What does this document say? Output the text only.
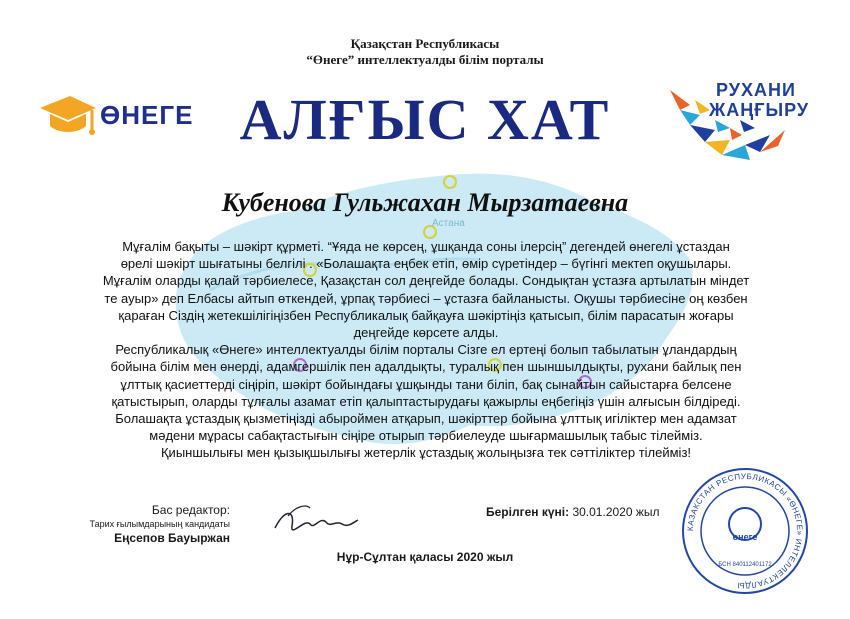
Астана
Қазақстан Республикасы
“Өнеге” интеллектуалды білім порталы
ӨНЕГЕ АЛҒЫС ХАТ	РУХАНИ
ЖАҢҒЫРУ
Кубенова Гульжахан Мырзатаевна

Мұғалім бақыты – шәкірт құрметі. “Ұяда не көрсең, ұшқанда соны ілерсің” дегендей өнегелі ұстаздан

өрелі шәкірт шығатыны белгілі . «Болашақта еңбек етіп, өмір сүретіндер – бүгінгі мектеп оқушылары.

Мұғалім оларды қалай тәрбиелесе, Қазақстан сол деңгейде болады. Сондықтан ұстазға артылатын міндет

те ауыр» деп Елбасы айтып өткендей, ұрпақ тәрбиесі – ұстазға байланысты. Оқушы тәрбиесіне оң көзбен

қараған Сіздің жетекшілігіңізбен Республикалық байқауға шәкіртіңіз қатысып, білім парасатын жоғары

деңгейде көрсете алды.

Республикалық «Өнеге» интеллектуалды білім порталы Сізге ел ертеңі болып табылатын ұландардың

бойына білім мен өнерді, адамгершілік пен адалдықты, туралық пен шыншылдықты, рухани байлық пен

ұлттық қасиеттерді сіңіріп, шәкірт бойындағы ұшқынды тани біліп, бақ сынайтын сайыстарға белсене

қатыстырып, оларды тұлғалы азамат етіп қалыптастырудағы қажырлы еңбегіңіз үшін алғысын білдіреді.

Болашақта ұстаздық қызметіңізді абыроймен атқарып, шәкірттер бойына ұлттық игіліктер мен адамзат

мәдени мұрасы сабақтастығын сіңіре отырып тәрбиелеуде шығармашылық табыс тілейміз.

Қиыншылығы мен қызықшылығы жетерлік ұстаздық жолыңызға тек сәттіліктер тілейміз!

Бас редактор:
Тарих ғылымдарының кандидаты
Еңсепов Бауыржан
Берілген күні: 30.01.2020 жыл
Нұр-Сұлтан қаласы 2020 жыл
КАЗАКСТАН РЕСПУБЛИКАСЫ «ӨНЕГЕ» ИНТЕЛЛЕКТУАЛДЫ
өнеге
БСН 840112401172
